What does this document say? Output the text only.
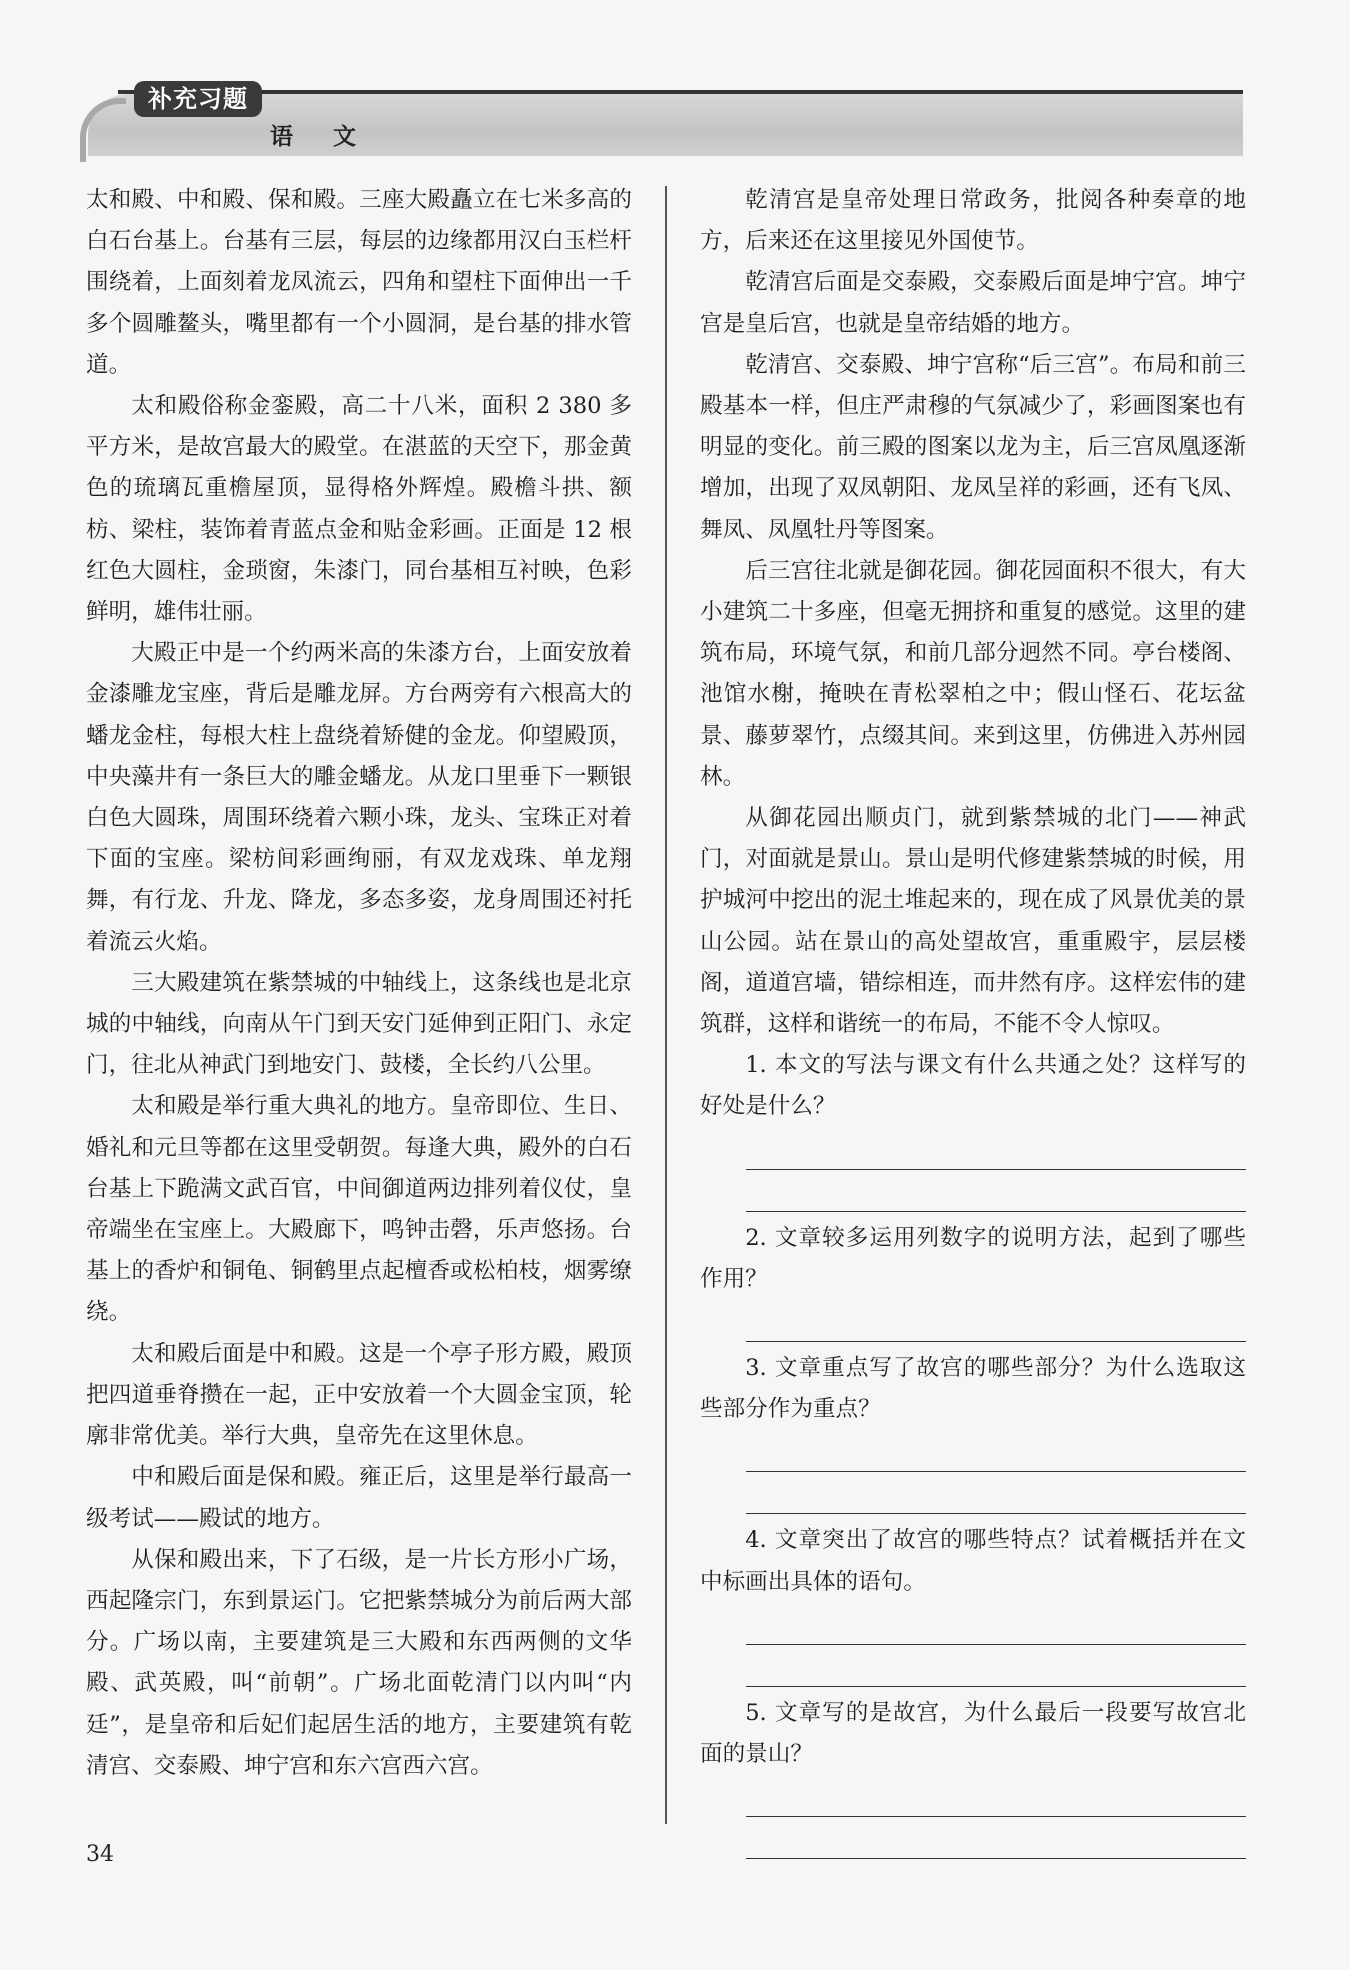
补充习题
语 文

太和殿、中和殿、保和殿。三座大殿矗立在七米多高的白石台基上。台基有三层，每层的边缘都用汉白玉栏杆围绕着，上面刻着龙凤流云，四角和望柱下面伸出一千多个圆雕鳌头，嘴里都有一个小圆洞，是台基的排水管道。

太和殿俗称金銮殿，高二十八米，面积 2 380 多平方米，是故宫最大的殿堂。在湛蓝的天空下，那金黄色的琉璃瓦重檐屋顶，显得格外辉煌。殿檐斗拱、额枋、梁柱，装饰着青蓝点金和贴金彩画。正面是 12 根红色大圆柱，金琐窗，朱漆门，同台基相互衬映，色彩鲜明，雄伟壮丽。

大殿正中是一个约两米高的朱漆方台，上面安放着金漆雕龙宝座，背后是雕龙屏。方台两旁有六根高大的蟠龙金柱，每根大柱上盘绕着矫健的金龙。仰望殿顶，中央藻井有一条巨大的雕金蟠龙。从龙口里垂下一颗银白色大圆珠，周围环绕着六颗小珠，龙头、宝珠正对着下面的宝座。梁枋间彩画绚丽，有双龙戏珠、单龙翔舞，有行龙、升龙、降龙，多态多姿，龙身周围还衬托着流云火焰。

三大殿建筑在紫禁城的中轴线上，这条线也是北京城的中轴线，向南从午门到天安门延伸到正阳门、永定门，往北从神武门到地安门、鼓楼，全长约八公里。

太和殿是举行重大典礼的地方。皇帝即位、生日、婚礼和元旦等都在这里受朝贺。每逢大典，殿外的白石台基上下跪满文武百官，中间御道两边排列着仪仗，皇帝端坐在宝座上。大殿廊下，鸣钟击磬，乐声悠扬。台基上的香炉和铜龟、铜鹤里点起檀香或松柏枝，烟雾缭绕。

太和殿后面是中和殿。这是一个亭子形方殿，殿顶把四道垂脊攒在一起，正中安放着一个大圆金宝顶，轮廓非常优美。举行大典，皇帝先在这里休息。

中和殿后面是保和殿。雍正后，这里是举行最高一级考试——殿试的地方。

从保和殿出来，下了石级，是一片长方形小广场，西起隆宗门，东到景运门。它把紫禁城分为前后两大部分。广场以南，主要建筑是三大殿和东西两侧的文华殿、武英殿，叫“前朝”。广场北面乾清门以内叫“内廷”，是皇帝和后妃们起居生活的地方，主要建筑有乾清宫、交泰殿、坤宁宫和东六宫西六宫。

乾清宫是皇帝处理日常政务，批阅各种奏章的地方，后来还在这里接见外国使节。

乾清宫后面是交泰殿，交泰殿后面是坤宁宫。坤宁宫是皇后宫，也就是皇帝结婚的地方。

乾清宫、交泰殿、坤宁宫称“后三宫”。布局和前三殿基本一样，但庄严肃穆的气氛减少了，彩画图案也有明显的变化。前三殿的图案以龙为主，后三宫凤凰逐渐增加，出现了双凤朝阳、龙凤呈祥的彩画，还有飞凤、舞凤、凤凰牡丹等图案。

后三宫往北就是御花园。御花园面积不很大，有大小建筑二十多座，但毫无拥挤和重复的感觉。这里的建筑布局，环境气氛，和前几部分迥然不同。亭台楼阁、池馆水榭，掩映在青松翠柏之中；假山怪石、花坛盆景、藤萝翠竹，点缀其间。来到这里，仿佛进入苏州园林。

从御花园出顺贞门，就到紫禁城的北门——神武门，对面就是景山。景山是明代修建紫禁城的时候，用护城河中挖出的泥土堆起来的，现在成了风景优美的景山公园。站在景山的高处望故宫，重重殿宇，层层楼阁，道道宫墙，错综相连，而井然有序。这样宏伟的建筑群，这样和谐统一的布局，不能不令人惊叹。

1. 本文的写法与课文有什么共通之处？这样写的好处是什么？

2. 文章较多运用列数字的说明方法，起到了哪些作用？

3. 文章重点写了故宫的哪些部分？为什么选取这些部分作为重点？

4. 文章突出了故宫的哪些特点？试着概括并在文中标画出具体的语句。

5. 文章写的是故宫，为什么最后一段要写故宫北面的景山？

34
